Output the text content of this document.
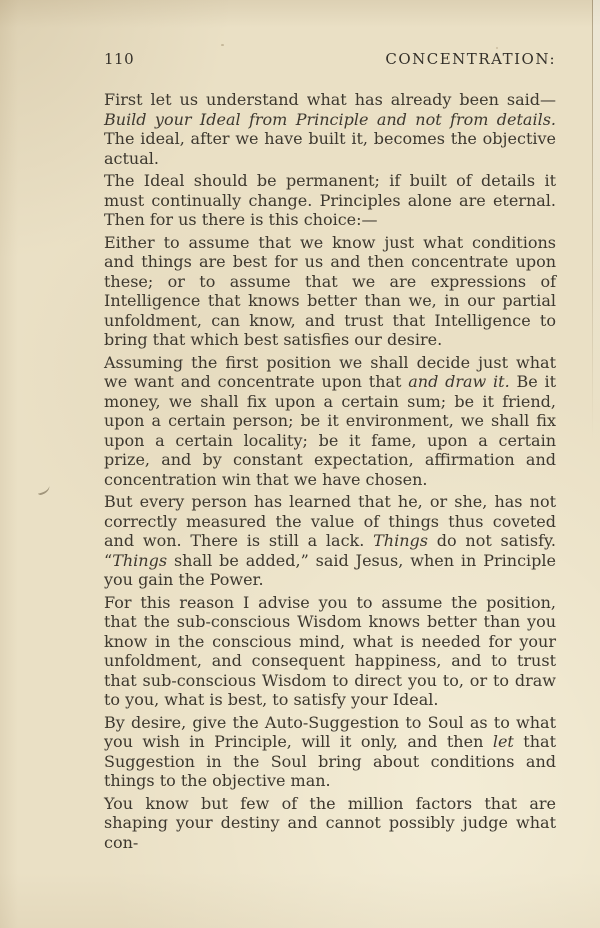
110	CONCENTRATION:

First let us understand what has already been said— Build your Ideal from Principle and not from details. The ideal, after we have built it, becomes the objective actual.

The Ideal should be permanent; if built of details it must continually change. Principles alone are eternal. Then for us there is this choice:—

Either to assume that we know just what conditions and things are best for us and then concentrate upon these; or to assume that we are expressions of Intelligence that knows better than we, in our partial unfoldment, can know, and trust that Intelligence to bring that which best satisfies our desire.

Assuming the first position we shall decide just what we want and concentrate upon that and draw it. Be it money, we shall fix upon a certain sum; be it friend, upon a certain person; be it environment, we shall fix upon a certain locality; be it fame, upon a certain prize, and by constant expectation, affirmation and concentration win that we have chosen.

But every person has learned that he, or she, has not correctly measured the value of things thus coveted and won. There is still a lack. Things do not satisfy. “Things shall be added,” said Jesus, when in Principle you gain the Power.

For this reason I advise you to assume the position, that the sub-conscious Wisdom knows better than you know in the conscious mind, what is needed for your unfoldment, and consequent happiness, and to trust that sub-conscious Wisdom to direct you to, or to draw to you, what is best, to satisfy your Ideal.

By desire, give the Auto-Suggestion to Soul as to what you wish in Principle, will it only, and then let that Suggestion in the Soul bring about conditions and things to the objective man.

You know but few of the million factors that are shaping your destiny and cannot possibly judge what con-
